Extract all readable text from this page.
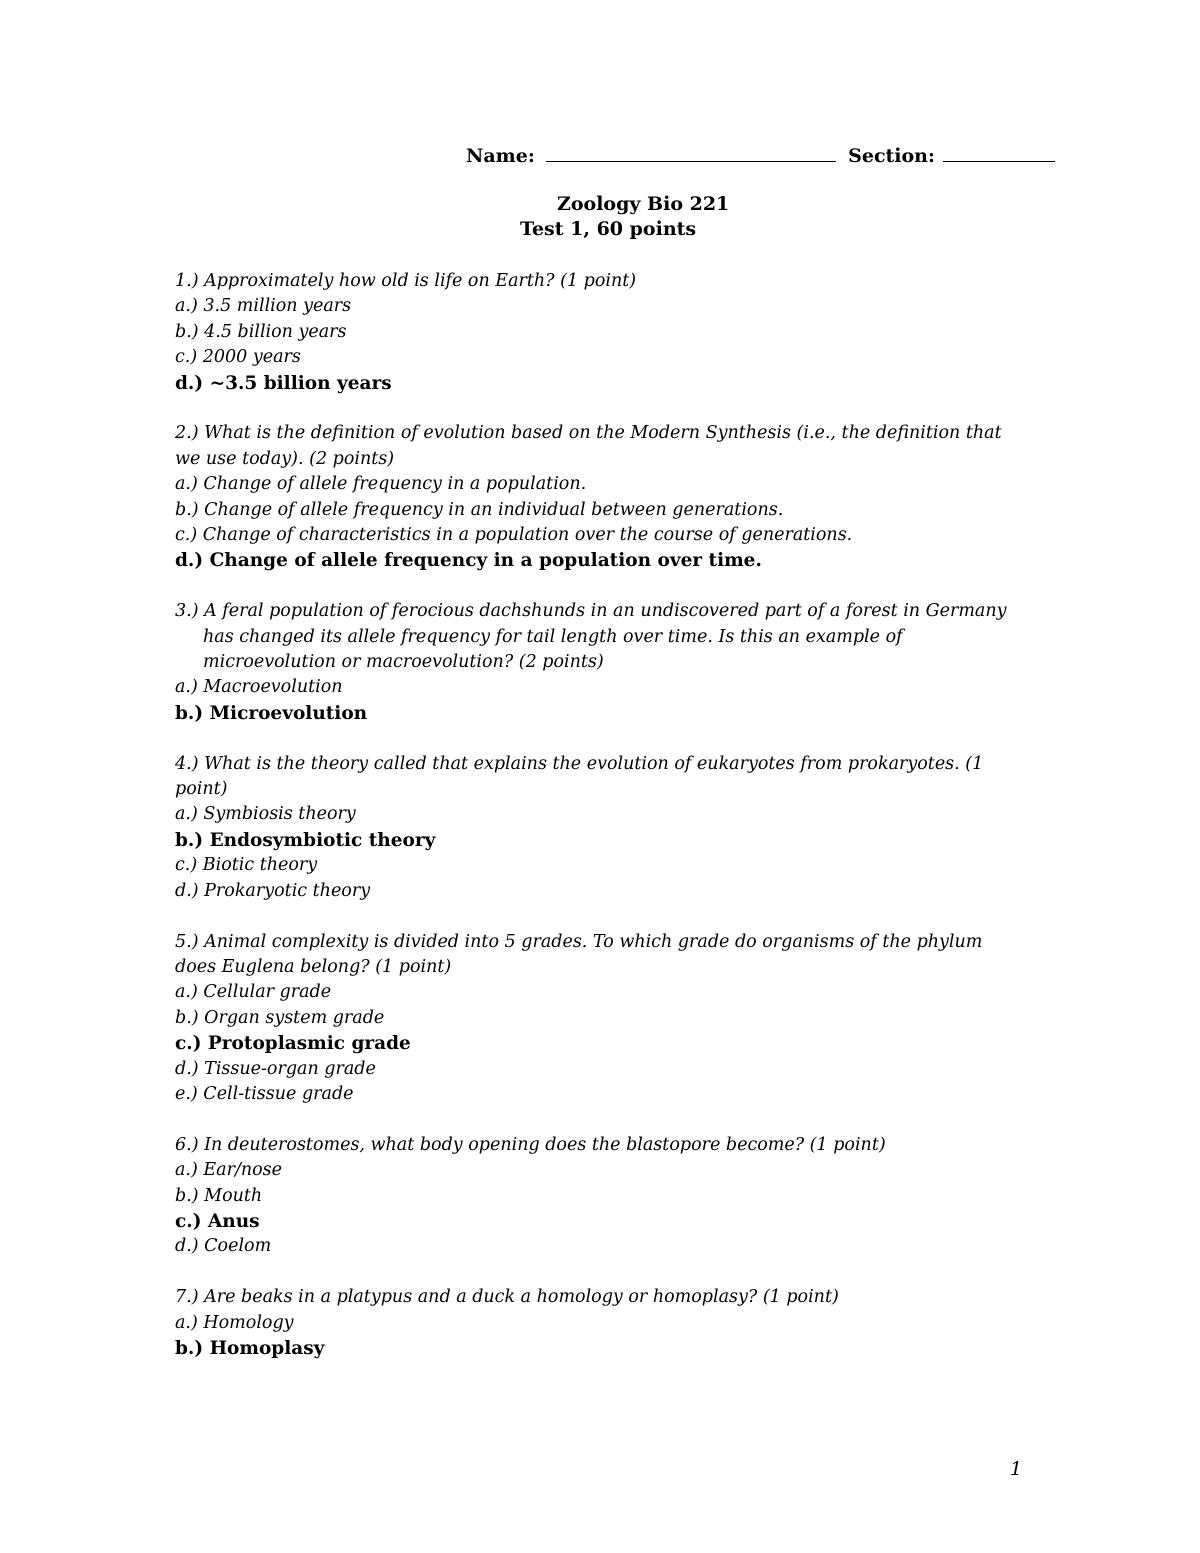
Name:	Section:
Zoology Bio 221
Test 1, 60 points
1.) Approximately how old is life on Earth? (1 point)
a.) 3.5 million years
b.) 4.5 billion years
c.) 2000 years
d.) ~3.5 billion years
2.) What is the definition of evolution based on the Modern Synthesis (i.e., the definition that we use today). (2 points)
a.) Change of allele frequency in a population.
b.) Change of allele frequency in an individual between generations.
c.) Change of characteristics in a population over the course of generations.
d.) Change of allele frequency in a population over time.
3.) A feral population of ferocious dachshunds in an undiscovered part of a forest in Germany has changed its allele frequency for tail length over time. Is this an example of microevolution or macroevolution? (2 points)
a.) Macroevolution
b.) Microevolution
4.) What is the theory called that explains the evolution of eukaryotes from prokaryotes. (1 point)
a.) Symbiosis theory
b.) Endosymbiotic theory
c.) Biotic theory
d.) Prokaryotic theory
5.) Animal complexity is divided into 5 grades. To which grade do organisms of the phylum does Euglena belong? (1 point)
a.) Cellular grade
b.) Organ system grade
c.) Protoplasmic grade
d.) Tissue-organ grade
e.) Cell-tissue grade
6.) In deuterostomes, what body opening does the blastopore become? (1 point)
a.) Ear/nose
b.) Mouth
c.) Anus
d.) Coelom
7.) Are beaks in a platypus and a duck a homology or homoplasy? (1 point)
a.) Homology
b.) Homoplasy
1
